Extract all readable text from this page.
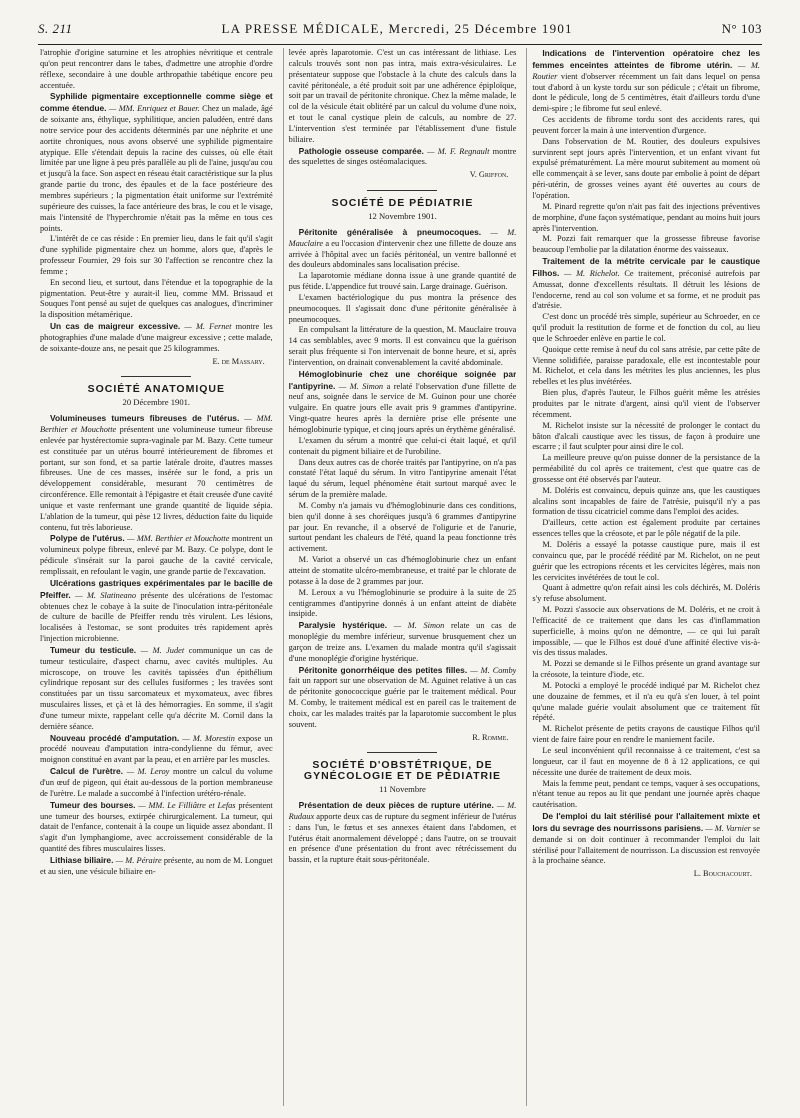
S. 211	LA PRESSE MÉDICALE, Mercredi, 25 Décembre 1901	N° 103

l'atrophie d'origine saturnine et les atrophies névritique et centrale qu'on peut rencontrer dans le tabes, d'admettre une atrophie d'ordre réflexe, secondaire à une double arthropathie tabétique encore peu accentuée.

Syphilide pigmentaire exceptionnelle comme siège et comme étendue. — MM. Enriquez et Bauer. Chez un malade, âgé de soixante ans, éthylique, syphilitique, ancien paludéen, entré dans notre service pour des accidents déterminés par une néphrite et une aortite chroniques, nous avons observé une syphilide pigmentaire atypique. Elle s'étendait depuis la racine des cuisses, où elle était limitée par une ligne à peu près parallèle au pli de l'aine, jusqu'au cou et jusqu'à la face. Son aspect en réseau était caractéristique sur la plus grande partie du tronc, des épaules et de la face postérieure des membres supérieurs ; la pigmentation était uniforme sur l'extrémité supérieure des cuisses, la face antérieure des bras, le cou et le visage, mais l'intensité de l'hyperchromie n'était pas la même en tous ces points.

L'intérêt de ce cas réside : En premier lieu, dans le fait qu'il s'agit d'une syphilide pigmentaire chez un homme, alors que, d'après le professeur Fournier, 29 fois sur 30 l'affection se rencontre chez la femme ;

En second lieu, et surtout, dans l'étendue et la topographie de la pigmentation. Peut-être y aurait-il lieu, comme MM. Brissaud et Souques l'ont pensé au sujet de quelques cas analogues, d'incriminer la disposition métamérique.

Un cas de maigreur excessive. — M. Fernet montre les photographies d'une malade d'une maigreur excessive ; cette malade, de soixante-douze ans, ne pesait que 25 kilogrammes.

E. de Massary.

SOCIÉTÉ ANATOMIQUE

20 Décembre 1901.

Volumineuses tumeurs fibreuses de l'utérus. — MM. Berthier et Mouchotte présentent une volumineuse tumeur fibreuse enlevée par hystérectomie supra-vaginale par M. Bazy. Cette tumeur est constituée par un utérus bourré intérieurement de fibromes et portant, sur son fond, et sa partie latérale droite, d'autres masses fibreuses. Une de ces masses, insérée sur le fond, a pris un développement considérable, mesurant 70 centimètres de circonférence. Elle remontait à l'épigastre et était creusée d'une cavité unique et vaste renfermant une grande quantité de liquide sépia. L'ablation de la tumeur, qui pèse 12 livres, déduction faite du liquide contenu, fut très laborieuse.

Polype de l'utérus. — MM. Berthier et Mouchotte montrent un volumineux polype fibreux, enlevé par M. Bazy. Ce polype, dont le pédicule s'insérait sur la paroi gauche de la cavité cervicale, remplissait, en refoulant le vagin, une grande partie de l'excavation.

Ulcérations gastriques expérimentales par le bacille de Pfeiffer. — M. Slatineano présente des ulcérations de l'estomac obtenues chez le cobaye à la suite de l'inoculation intra-péritonéale de culture de bacille de Pfeiffer rendu très virulent. Les lésions, localisées à l'estomac, se sont produites très rapidement après l'injection microbienne.

Tumeur du testicule. — M. Judet communique un cas de tumeur testiculaire, d'aspect charnu, avec cavités multiples. Au microscope, on trouve les cavités tapissées d'un épithélium cylindrique reposant sur des cellules fusiformes ; les travées sont constituées par un tissu sarcomateux et myxomateux, avec fibres musculaires lisses, et çà et là des hémorragies. En somme, il s'agit d'une tumeur mixte, rappelant celle qu'a décrite M. Cornil dans la dernière séance.

Nouveau procédé d'amputation. — M. Morestin expose un procédé nouveau d'amputation intra-condylienne du fémur, avec moignon constitué en avant par la peau, et en arrière par les muscles.

Calcul de l'urètre. — M. Leroy montre un calcul du volume d'un œuf de pigeon, qui était au-dessous de la portion membraneuse de l'urètre. Le malade a succombé à l'infection urétéro-rénale.

Tumeur des bourses. — MM. Le Filliâtre et Lefas présentent une tumeur des bourses, extirpée chirurgicalement. La tumeur, qui datait de l'enfance, contenait à la coupe un liquide assez abondant. Il s'agit d'un lymphangiome, avec accroissement considérable de la quantité des fibres musculaires lisses.

Lithiase biliaire. — M. Péraire présente, au nom de M. Longuet et au sien, une vésicule biliaire en-

levée après laparotomie. C'est un cas intéressant de lithiase. Les calculs trouvés sont non pas intra, mais extra-vésiculaires. Le présentateur suppose que l'obstacle à la chute des calculs dans la cavité péritonéale, a été produit soit par une adhérence épiploïque, soit par un travail de péritonite chronique. Chez la même malade, le col de la vésicule était oblitéré par un calcul du volume d'une noix, et tout le canal cystique plein de calculs, au nombre de 27. L'intervention s'est terminée par l'établissement d'une fistule biliaire.

Pathologie osseuse comparée. — M. F. Regnault montre des squelettes de singes ostéomalaciques.

V. Griffon.

SOCIÉTÉ DE PÉDIATRIE

12 Novembre 1901.

Péritonite généralisée à pneumocoques. — M. Mauclaire a eu l'occasion d'intervenir chez une fillette de douze ans arrivée à l'hôpital avec un faciès péritonéal, un ventre ballonné et des douleurs abdominales sans localisation précise.

La laparotomie médiane donna issue à une grande quantité de pus fétide. L'appendice fut trouvé sain. Large drainage. Guérison.

L'examen bactériologique du pus montra la présence des pneumocoques. Il s'agissait donc d'une péritonite généralisée à pneumocoques.

En compulsant la littérature de la question, M. Mauclaire trouva 14 cas semblables, avec 9 morts. Il est convaincu que la guérison serait plus fréquente si l'on intervenait de bonne heure, et si, après l'intervention, on drainait convenablement la cavité abdominale.

Hémoglobinurie chez une choréique soignée par l'antipyrine. — M. Simon a relaté l'observation d'une fillette de neuf ans, soignée dans le service de M. Guinon pour une chorée vulgaire. En quatre jours elle avait pris 9 grammes d'antipyrine. Vingt-quatre heures après la dernière prise elle présente une hémoglobinurie typique, et cinq jours après un érythème généralisé.

L'examen du sérum a montré que celui-ci était laqué, et qu'il contenait du pigment biliaire et de l'urobiline.

Dans deux autres cas de chorée traités par l'antipyrine, on n'a pas constaté l'état laqué du sérum. In vitro l'antipyrine amenait l'état laqué du sérum, lequel phénomène était surtout marqué avec le sérum de la première malade.

M. Comby n'a jamais vu d'hémoglobinurie dans ces conditions, bien qu'il donne à ses choréiques jusqu'à 6 grammes d'antipyrine par jour. En revanche, il a observé de l'oligurie et de l'anurie, surtout pendant les chaleurs de l'été, quand la peau fonctionne très activement.

M. Variot a observé un cas d'hémoglobinurie chez un enfant atteint de stomatite ulcéro-membraneuse, et traité par le chlorate de potasse à la dose de 2 grammes par jour.

M. Leroux a vu l'hémoglobinurie se produire à la suite de 25 centigrammes d'antipyrine donnés à un enfant atteint de diabète insipide.

Paralysie hystérique. — M. Simon relate un cas de monoplégie du membre inférieur, survenue brusquement chez un garçon de treize ans. L'examen du malade montra qu'il s'agissait d'une monoplégie d'origine hystérique.

Péritonite gonorrhéique des petites filles. — M. Comby fait un rapport sur une observation de M. Aguinet relative à un cas de péritonite gonococcique guérie par le traitement médical. Pour M. Comby, le traitement médical est en pareil cas le traitement de choix, car les malades traités par la laparotomie succombent le plus souvent.

R. Romme.

SOCIÉTÉ D'OBSTÉTRIQUE, DE GYNÉCOLOGIE ET DE PÉDIATRIE

11 Novembre

Présentation de deux pièces de rupture utérine. — M. Rudaux apporte deux cas de rupture du segment inférieur de l'utérus : dans l'un, le fœtus et ses annexes étaient dans l'abdomen, et l'utérus était anormalement développé ; dans l'autre, on se trouvait en présence d'une présentation du front avec rétrécissement du bassin, et la rupture était sous-péritonéale.

Indications de l'intervention opératoire chez les femmes enceintes atteintes de fibrome utérin. — M. Routier vient d'observer récemment un fait dans lequel on pensa tout d'abord à un kyste tordu sur son pédicule ; c'était un fibrome, dont le pédicule, long de 5 centimètres, était d'ailleurs tordu d'une demi-spire ; le fibrome fut seul enlevé.

Ces accidents de fibrome tordu sont des accidents rares, qui peuvent forcer la main à une intervention d'urgence.

Dans l'observation de M. Routier, des douleurs expulsives survinrent sept jours après l'intervention, et un enfant vivant fut expulsé prématurément. La mère mourut subitement au moment où elle commençait à se lever, sans doute par embolie à point de départ péri-utérin, de grosses veines ayant été ouvertes au cours de l'opération.

M. Pinard regrette qu'on n'ait pas fait des injections préventives de morphine, d'une façon systématique, pendant au moins huit jours après l'intervention.

M. Pozzi fait remarquer que la grossesse fibreuse favorise beaucoup l'embolie par la dilatation énorme des vaisseaux.

Traitement de la métrite cervicale par le caustique Filhos. — M. Richelot. Ce traitement, préconisé autrefois par Amussat, donne d'excellents résultats. Il détruit les lésions de l'endocerne, rend au col son volume et sa forme, et ne produit pas d'atrésie.

C'est donc un procédé très simple, supérieur au Schroeder, en ce qu'il produit la restitution de forme et de fonction du col, au lieu que le Schroeder enlève en partie le col.

Quoique cette remise à neuf du col sans atrésie, par cette pâte de Vienne solidifiée, paraisse paradoxale, elle est incontestable pour M. Richelot, et cela dans les métrites les plus anciennes, les plus rebelles et les plus invétérées.

Bien plus, d'après l'auteur, le Filhos guérit même les atrésies produites par le nitrate d'argent, ainsi qu'il vient de l'observer récemment.

M. Richelot insiste sur la nécessité de prolonger le contact du bâton d'alcali caustique avec les tissus, de façon à produire une escarre ; il faut sculpter pour ainsi dire le col.

La meilleure preuve qu'on puisse donner de la persistance de la perméabilité du col après ce traitement, c'est que quatre cas de grossesse ont été observés par l'auteur.

M. Doléris est convaincu, depuis quinze ans, que les caustiques alcalins sont incapables de faire de l'atrésie, puisqu'il n'y a pas formation de tissu cicatriciel comme dans l'emploi des acides.

D'ailleurs, cette action est également produite par certaines essences telles que la créosote, et par le pôle négatif de la pile.

M. Doléris a essayé la potasse caustique pure, mais il est convaincu que, par le procédé réédité par M. Richelot, on ne peut guérir que les ectropions récents et les cervicites légères, mais non les cervicites invétérées de tout le col.

Quant à admettre qu'on refait ainsi les cols déchirés, M. Doléris s'y refuse absolument.

M. Pozzi s'associe aux observations de M. Doléris, et ne croit à l'efficacité de ce traitement que dans les cas d'inflammation superficielle, à moins qu'on ne démontre, — ce qui lui paraît impossible, — que le Filhos est doué d'une affinité élective vis-à-vis des tissus malades.

M. Pozzi se demande si le Filhos présente un grand avantage sur la créosote, la teinture d'iode, etc.

M. Potocki a employé le procédé indiqué par M. Richelot chez une douzaine de femmes, et il n'a eu qu'à s'en louer, à tel point qu'une malade guérie voulait absolument que ce traitement fût répété.

M. Richelot présente de petits crayons de caustique Filhos qu'il vient de faire faire pour en rendre le maniement facile.

Le seul inconvénient qu'il reconnaisse à ce traitement, c'est sa longueur, car il faut en moyenne de 8 à 12 applications, ce qui nécessite une durée de traitement de deux mois.

Mais la femme peut, pendant ce temps, vaquer à ses occupations, n'étant tenue au repos au lit que pendant une journée après chaque cautérisation.

De l'emploi du lait stérilisé pour l'allaitement mixte et lors du sevrage des nourrissons parisiens. — M. Varnier se demande si on doit continuer à recommander l'emploi du lait stérilisé pour l'allaitement de nourrisson. La discussion est renvoyée à la prochaine séance.

L. Bouchacourt.
